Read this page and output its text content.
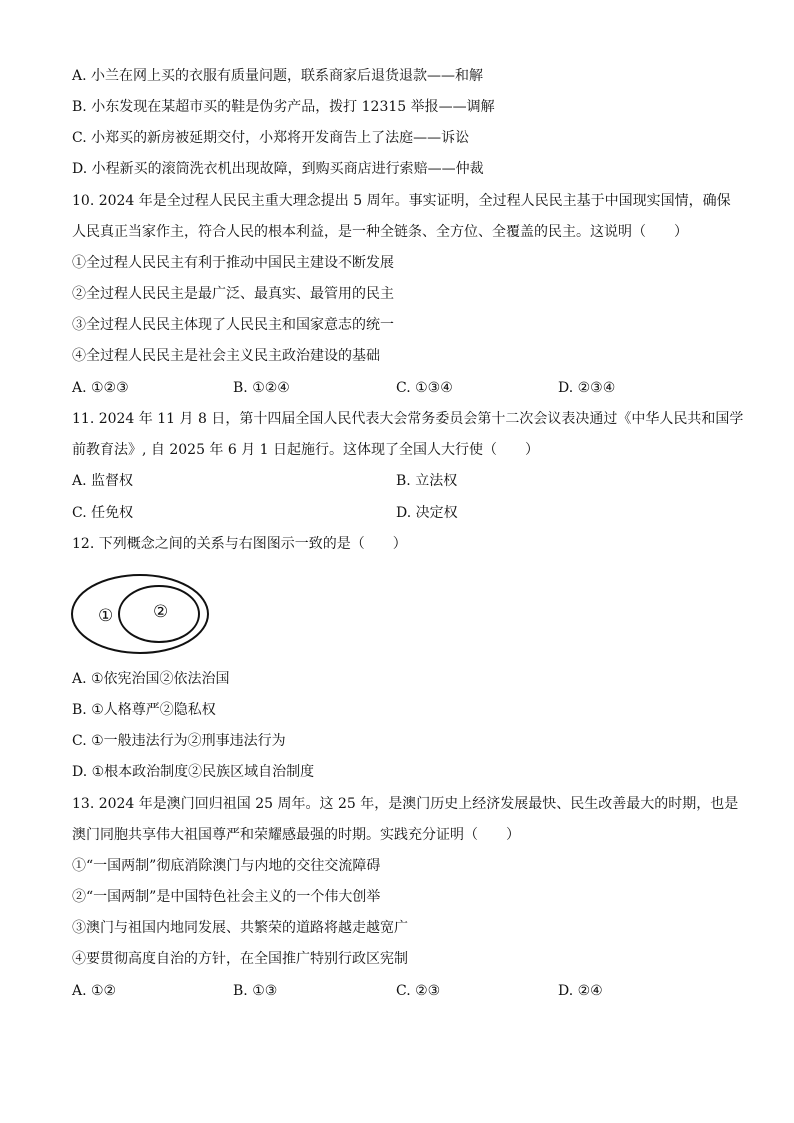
A. 小兰在网上买的衣服有质量问题，联系商家后退货退款——和解
B. 小东发现在某超市买的鞋是伪劣产品，拨打 12315 举报——调解
C. 小郑买的新房被延期交付，小郑将开发商告上了法庭——诉讼
D. 小程新买的滚筒洗衣机出现故障，到购买商店进行索赔——仲裁
10. 2024 年是全过程人民民主重大理念提出 5 周年。事实证明，全过程人民民主基于中国现实国情，确保
人民真正当家作主，符合人民的根本利益，是一种全链条、全方位、全覆盖的民主。这说明（　　）
①全过程人民民主有利于推动中国民主建设不断发展
②全过程人民民主是最广泛、最真实、最管用的民主
③全过程人民民主体现了人民民主和国家意志的统一
④全过程人民民主是社会主义民主政治建设的基础
A. ①②③	B. ①②④	C. ①③④	D. ②③④
11. 2024 年 11 月 8 日，第十四届全国人民代表大会常务委员会第十二次会议表决通过《中华人民共和国学
前教育法》, 自 2025 年 6 月 1 日起施行。这体现了全国人大行使（　　）
A. 监督权	B. 立法权
C. 任免权	D. 决定权
12. 下列概念之间的关系与右图图示一致的是（　　）
① ②
A. ①依宪治国②依法治国
B. ①人格尊严②隐私权
C. ①一般违法行为②刑事违法行为
D. ①根本政治制度②民族区域自治制度
13. 2024 年是澳门回归祖国 25 周年。这 25 年，是澳门历史上经济发展最快、民生改善最大的时期，也是
澳门同胞共享伟大祖国尊严和荣耀感最强的时期。实践充分证明（　　）
①“一国两制”彻底消除澳门与内地的交往交流障碍
②“一国两制”是中国特色社会主义的一个伟大创举
③澳门与祖国内地同发展、共繁荣的道路将越走越宽广
④要贯彻高度自治的方针，在全国推广特别行政区宪制
A. ①②	B. ①③	C. ②③	D. ②④
